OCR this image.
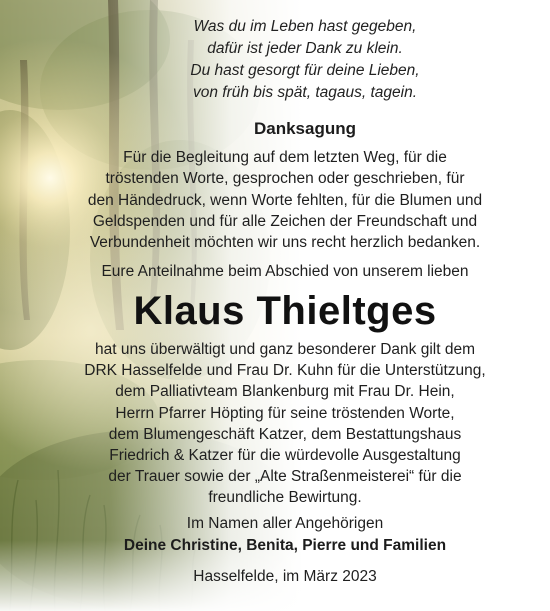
Was du im Leben hast gegeben,
dafür ist jeder Dank zu klein.
Du hast gesorgt für deine Lieben,
von früh bis spät, tagaus, tagein.
Danksagung
Für die Begleitung auf dem letzten Weg, für die
tröstenden Worte, gesprochen oder geschrieben, für
den Händedruck, wenn Worte fehlten, für die Blumen und
Geldspenden und für alle Zeichen der Freundschaft und
Verbundenheit möchten wir uns recht herzlich bedanken.
Eure Anteilnahme beim Abschied von unserem lieben
Klaus Thieltges
hat uns überwältigt und ganz besonderer Dank gilt dem
DRK Hasselfelde und Frau Dr. Kuhn für die Unterstützung,
dem Palliativteam Blankenburg mit Frau Dr. Hein,
Herrn Pfarrer Höpting für seine tröstenden Worte,
dem Blumengeschäft Katzer, dem Bestattungshaus
Friedrich & Katzer für die würdevolle Ausgestaltung
der Trauer sowie der „Alte Straßenmeisterei“ für die
freundliche Bewirtung.
Im Namen aller Angehörigen
Deine Christine, Benita, Pierre und Familien
Hasselfelde, im März 2023
